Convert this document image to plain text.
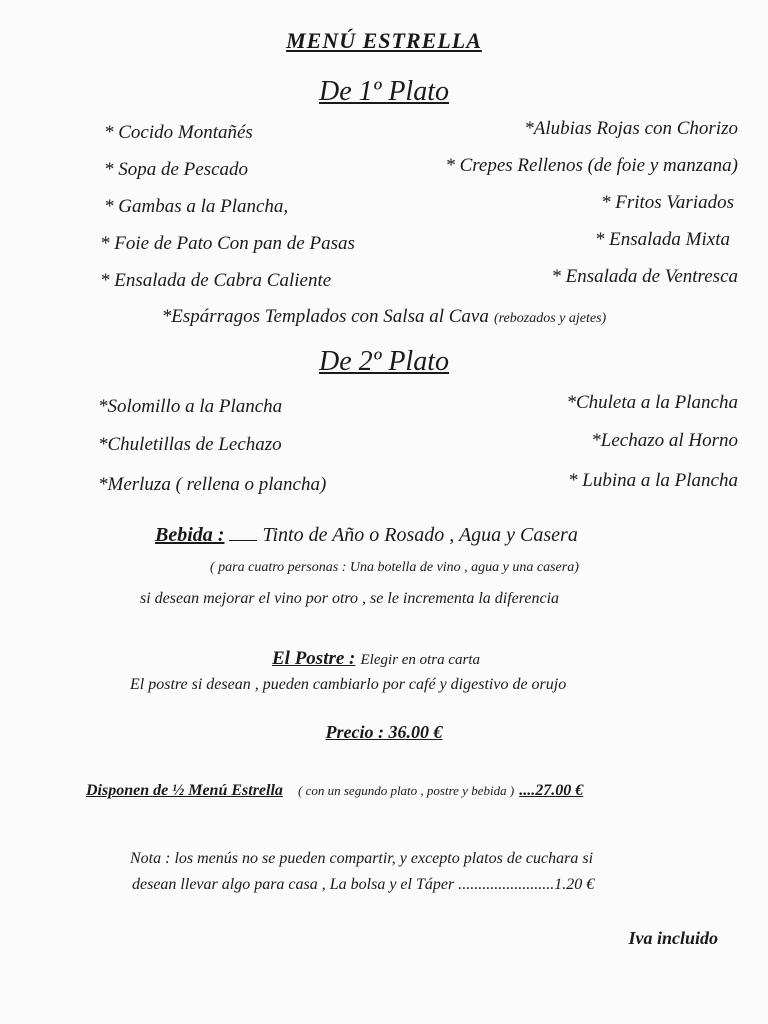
MENÚ ESTRELLA
De 1º Plato
* Cocido Montañés
* Sopa de Pescado
* Gambas a la Plancha,
* Foie de Pato Con pan de Pasas
* Ensalada de Cabra Caliente
*Alubias Rojas con Chorizo
* Crepes Rellenos (de foie y manzana)
* Fritos Variados
* Ensalada Mixta
* Ensalada de Ventresca
*Espárragos Templados con Salsa al Cava (rebozados y ajetes)
De 2º Plato
*Solomillo a la Plancha
*Chuletillas de Lechazo
*Merluza ( rellena o plancha)
*Chuleta a la Plancha
*Lechazo al Horno
* Lubina a la Plancha
Bebida : Tinto de Año o Rosado , Agua y Casera
( para cuatro personas : Una botella de vino , agua y una casera)
si desean mejorar el vino por otro , se le incrementa la diferencia
El Postre : Elegir en otra carta
El postre si desean , pueden cambiarlo por café y digestivo de orujo
Precio : 36.00 €
Disponen de ½ Menú Estrella ( con un segundo plato , postre y bebida ) ....27.00 €
Nota : los menús no se pueden compartir, y excepto platos de cuchara si
desean llevar algo para casa , La bolsa y el Táper ........................1.20 €
Iva incluido
